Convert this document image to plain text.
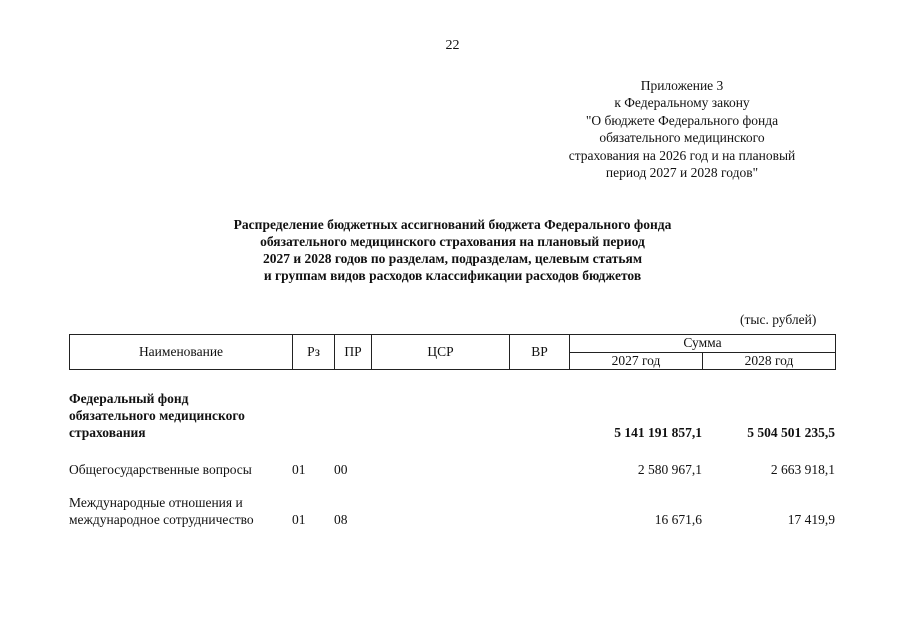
22
Приложение 3
к Федеральному закону
"О бюджете Федерального фонда
обязательного медицинского
страхования на 2026 год и на плановый
период 2027 и 2028 годов"
Распределение бюджетных ассигнований бюджета Федерального фонда
обязательного медицинского страхования на плановый период
2027 и 2028 годов по разделам, подразделам, целевым статьям
и группам видов расходов классификации расходов бюджетов
(тыс. рублей)
Наименование	Рз	ПР	ЦСР	ВР	Сумма	
					2027 год	2028 год
Федеральный фонд
обязательного медицинского
страхования					5 141 191 857,1	5 504 501 235,5

Общегосударственные вопросы	01	00			2 580 967,1	2 663 918,1

Международные отношения и
международное сотрудничество	01	08			16 671,6	17 419,9
